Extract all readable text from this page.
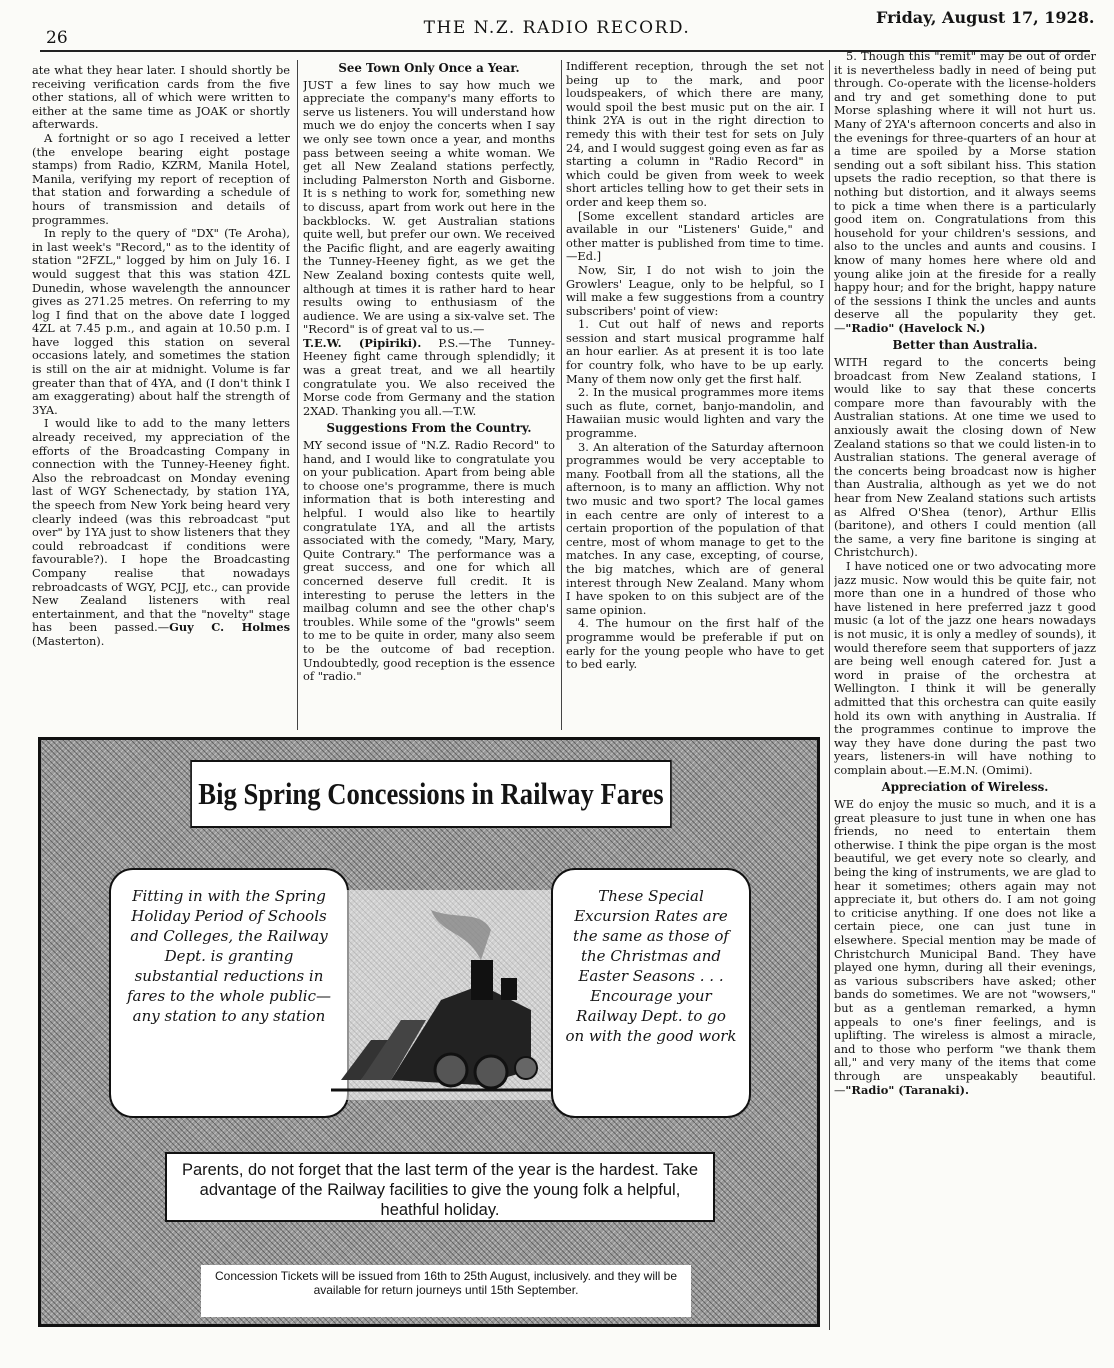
26	THE N.Z. RADIO RECORD.
Friday, August 17, 1928.

ate what they hear later. I should shortly be receiving verification cards from the five other stations, all of which were written to either at the same time as JOAK or shortly afterwards.

A fortnight or so ago I received a letter (the envelope bearing eight postage stamps) from Radio, KZRM, Manila Hotel, Manila, verifying my report of reception of that station and forwarding a schedule of hours of transmission and details of programmes.

In reply to the query of "DX" (Te Aroha), in last week's "Record," as to the identity of station "2FZL," logged by him on July 16. I would suggest that this was station 4ZL Dunedin, whose wavelength the announcer gives as 271.25 metres. On referring to my log I find that on the above date I logged 4ZL at 7.45 p.m., and again at 10.50 p.m. I have logged this station on several occasions lately, and sometimes the station is still on the air at midnight. Volume is far greater than that of 4YA, and (I don't think I am exaggerating) about half the strength of 3YA.

I would like to add to the many letters already received, my appreciation of the efforts of the Broadcasting Company in connection with the Tunney-Heeney fight. Also the rebroadcast on Monday evening last of WGY Schenectady, by station 1YA, the speech from New York being heard very clearly indeed (was this rebroadcast "put over" by 1YA just to show listeners that they could rebroadcast if conditions were favourable?). I hope the Broadcasting Company realise that nowadays rebroadcasts of WGY, PCJJ, etc., can provide New Zealand listeners with real entertainment, and that the "novelty" stage has been passed.—Guy C. Holmes (Masterton).

See Town Only Once a Year.

JUST a few lines to say how much we appreciate the company's many efforts to serve us listeners. You will understand how much we do enjoy the concerts when I say we only see town once a year, and months pass between seeing a white woman. We get all New Zealand stations perfectly, including Palmerston North and Gisborne. It is s nething to work for, something new to discuss, apart from work out here in the backblocks. W. get Australian stations quite well, but prefer our own. We received the Pacific flight, and are eagerly awaiting the Tunney-Heeney fight, as we get the New Zealand boxing contests quite well, although at times it is rather hard to hear results owing to enthusiasm of the audience. We are using a six-valve set. The "Record" is of great val to us.—

T.E.W. (Pipiriki). P.S.—The Tunney-Heeney fight came through splendidly; it was a great treat, and we all heartily congratulate you. We also received the Morse code from Germany and the station 2XAD. Thanking you all.—T.W.

Suggestions From the Country.

MY second issue of "N.Z. Radio Record" to hand, and I would like to congratulate you on your publication. Apart from being able to choose one's programme, there is much information that is both interesting and helpful. I would also like to heartily congratulate 1YA, and all the artists associated with the comedy, "Mary, Mary, Quite Contrary." The performance was a great success, and one for which all concerned deserve full credit. It is interesting to peruse the letters in the mailbag column and see the other chap's troubles. While some of the "growls" seem to me to be quite in order, many also seem to be the outcome of bad reception. Undoubtedly, good reception is the essence of "radio."

Indifferent reception, through the set not being up to the mark, and poor loudspeakers, of which there are many, would spoil the best music put on the air. I think 2YA is out in the right direction to remedy this with their test for sets on July 24, and I would suggest going even as far as starting a column in "Radio Record" in which could be given from week to week short articles telling how to get their sets in order and keep them so.

[Some excellent standard articles are available in our "Listeners' Guide," and other matter is published from time to time.—Ed.]

Now, Sir, I do not wish to join the Growlers' League, only to be helpful, so I will make a few suggestions from a country subscribers' point of view:

1. Cut out half of news and reports session and start musical programme half an hour earlier. As at present it is too late for country folk, who have to be up early. Many of them now only get the first half.

2. In the musical programmes more items such as flute, cornet, banjo-mandolin, and Hawaiian music would lighten and vary the programme.

3. An alteration of the Saturday afternoon programmes would be very acceptable to many. Football from all the stations, all the afternoon, is to many an affliction. Why not two music and two sport? The local games in each centre are only of interest to a certain proportion of the population of that centre, most of whom manage to get to the matches. In any case, excepting, of course, the big matches, which are of general interest through New Zealand. Many whom I have spoken to on this subject are of the same opinion.

4. The humour on the first half of the programme would be preferable if put on early for the young people who have to get to bed early.

5. Though this "remit" may be out of order it is nevertheless badly in need of being put through. Co-operate with the license-holders and try and get something done to put Morse splashing where it will not hurt us. Many of 2YA's afternoon concerts and also in the evenings for three-quarters of an hour at a time are spoiled by a Morse station sending out a soft sibilant hiss. This station upsets the radio reception, so that there is nothing but distortion, and it always seems to pick a time when there is a particularly good item on. Congratulations from this household for your children's sessions, and also to the uncles and aunts and cousins. I know of many homes here where old and young alike join at the fireside for a really happy hour; and for the bright, happy nature of the sessions I think the uncles and aunts deserve all the popularity they get.—"Radio" (Havelock N.)

Better than Australia.

WITH regard to the concerts being broadcast from New Zealand stations, I would like to say that these concerts compare more than favourably with the Australian stations. At one time we used to anxiously await the closing down of New Zealand stations so that we could listen-in to Australian stations. The general average of the concerts being broadcast now is higher than Australia, although as yet we do not hear from New Zealand stations such artists as Alfred O'Shea (tenor), Arthur Ellis (baritone), and others I could mention (all the same, a very fine baritone is singing at Christchurch).

I have noticed one or two advocating more jazz music. Now would this be quite fair, not more than one in a hundred of those who have listened in here preferred jazz t good music (a lot of the jazz one hears nowadays is not music, it is only a medley of sounds), it would therefore seem that supporters of jazz are being well enough catered for. Just a word in praise of the orchestra at Wellington. I think it will be generally admitted that this orchestra can quite easily hold its own with anything in Australia. If the programmes continue to improve the way they have done during the past two years, listeners-in will have nothing to complain about.—E.M.N. (Omimi).

Appreciation of Wireless.

WE do enjoy the music so much, and it is a great pleasure to just tune in when one has friends, no need to entertain them otherwise. I think the pipe organ is the most beautiful, we get every note so clearly, and being the king of instruments, we are glad to hear it sometimes; others again may not appreciate it, but others do. I am not going to criticise anything. If one does not like a certain piece, one can just tune in elsewhere. Special mention may be made of Christchurch Municipal Band. They have played one hymn, during all their evenings, as various subscribers have asked; other bands do sometimes. We are not "wowsers," but as a gentleman remarked, a hymn appeals to one's finer feelings, and is uplifting. The wireless is almost a miracle, and to those who perform "we thank them all," and very many of the items that come through are unspeakably beautiful.—"Radio" (Taranaki).

Big Spring Concessions in Railway Fares
Fitting in with the Spring Holiday Period of Schools and Colleges, the Railway Dept. is granting substantial reductions in fares to the whole public— any station to any station
These Special Excursion Rates are the same as those of the Christmas and Easter Seasons . . . Encourage your Railway Dept. to go on with the good work
Parents, do not forget that the last term of the year is the hardest. Take advantage of the Railway facilities to give the young folk a helpful, heathful holiday.
Concession Tickets will be issued from 16th to 25th August, inclusively. and they will be available for return journeys until 15th September.
